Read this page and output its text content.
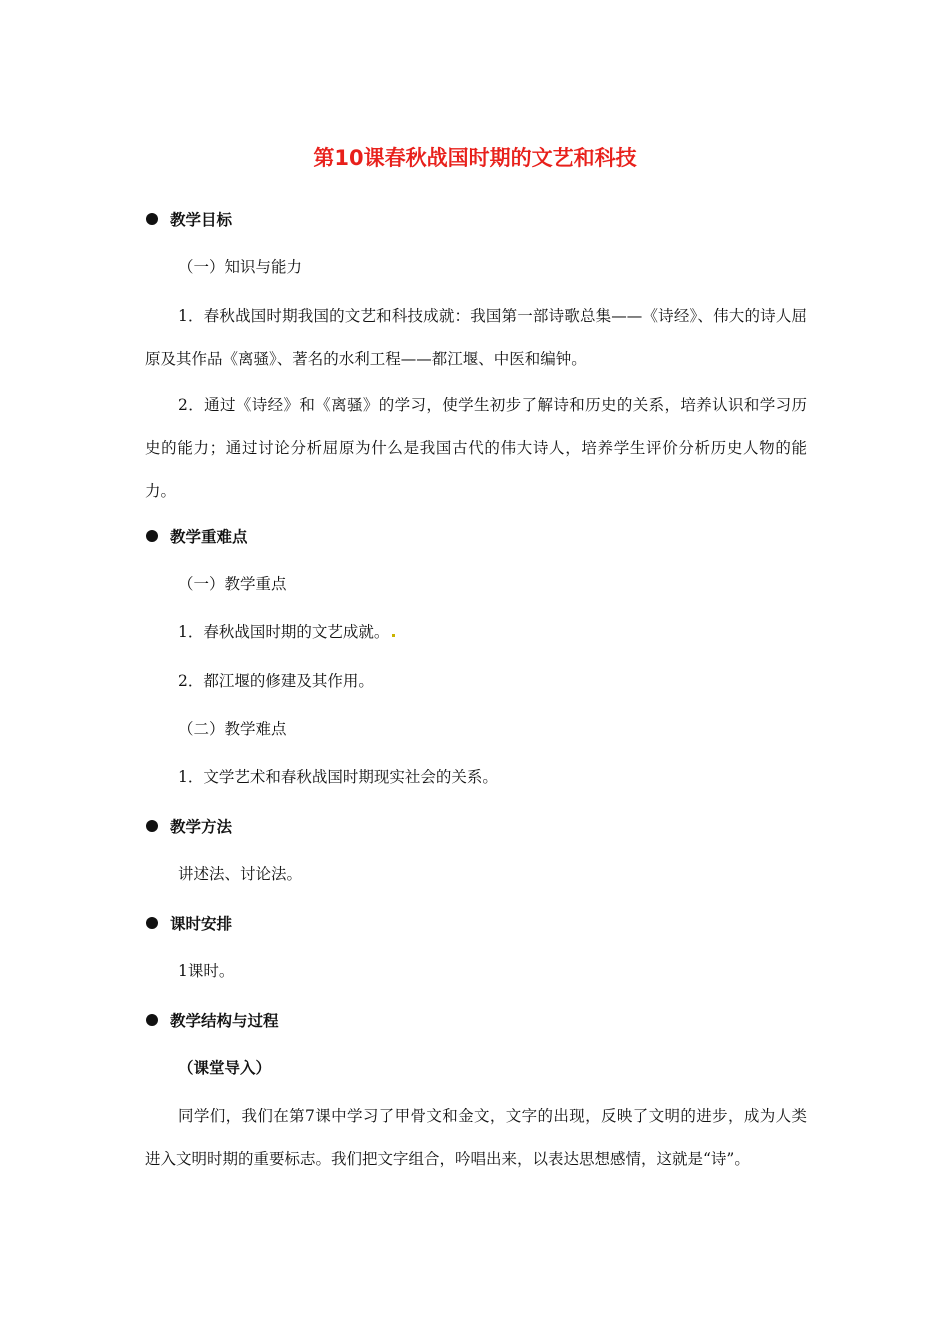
第10课春秋战国时期的文艺和科技
教学目标

（一）知识与能力

1．春秋战国时期我国的文艺和科技成就：我国第一部诗歌总集——《诗经》、伟大的诗人屈原及其作品《离骚》、著名的水利工程——都江堰、中医和编钟。

2．通过《诗经》和《离骚》的学习，使学生初步了解诗和历史的关系，培养认识和学习历史的能力；通过讨论分析屈原为什么是我国古代的伟大诗人，培养学生评价分析历史人物的能力。

教学重难点

（一）教学重点

1．春秋战国时期的文艺成就。

2．都江堰的修建及其作用。

（二）教学难点

1．文学艺术和春秋战国时期现实社会的关系。

教学方法

讲述法、讨论法。

课时安排

1课时。

教学结构与过程

（课堂导入）

同学们，我们在第7课中学习了甲骨文和金文，文字的出现，反映了文明的进步，成为人类进入文明时期的重要标志。我们把文字组合，吟唱出来，以表达思想感情，这就是“诗”。
